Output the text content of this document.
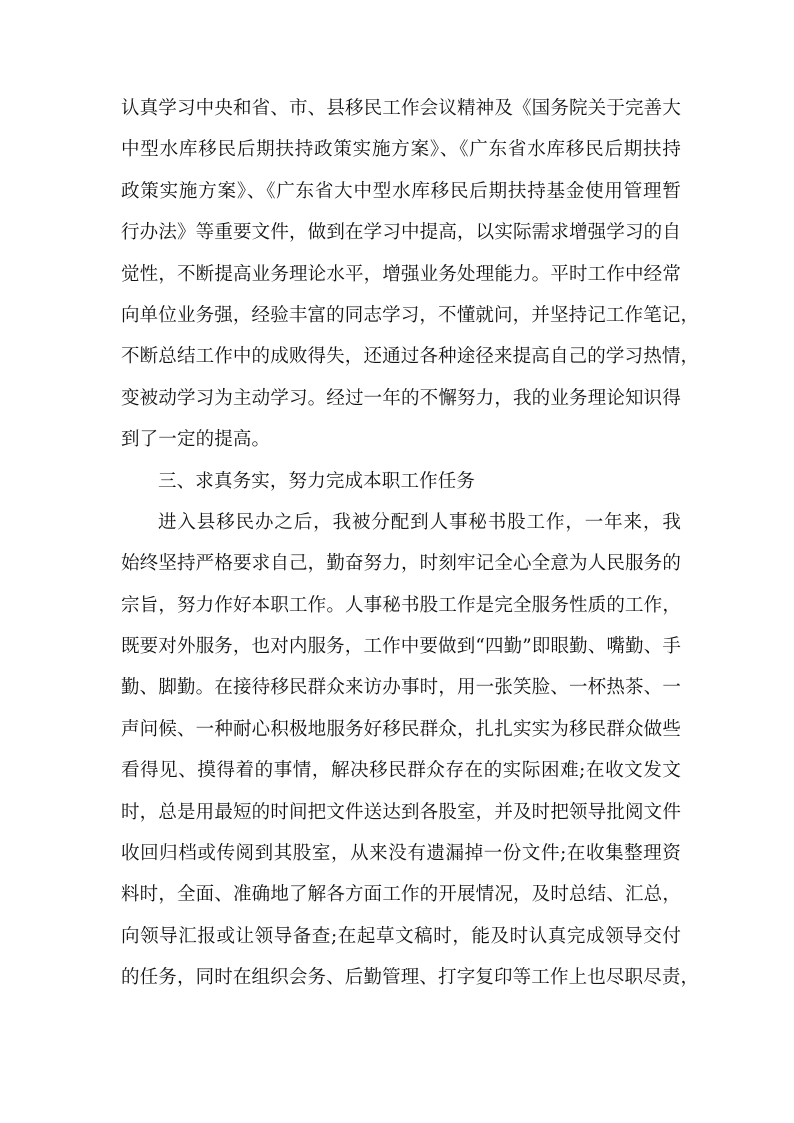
认真学习中央和省、市、县移民工作会议精神及《国务院关于完善大
中型水库移民后期扶持政策实施方案》、《广东省水库移民后期扶持
政策实施方案》、《广东省大中型水库移民后期扶持基金使用管理暂
行办法》等重要文件，做到在学习中提高，以实际需求增强学习的自
觉性，不断提高业务理论水平，增强业务处理能力。平时工作中经常
向单位业务强，经验丰富的同志学习，不懂就问，并坚持记工作笔记，
不断总结工作中的成败得失，还通过各种途径来提高自己的学习热情，
变被动学习为主动学习。经过一年的不懈努力，我的业务理论知识得
到了一定的提高。
三、求真务实，努力完成本职工作任务
进入县移民办之后，我被分配到人事秘书股工作，一年来，我
始终坚持严格要求自己，勤奋努力，时刻牢记全心全意为人民服务的
宗旨，努力作好本职工作。人事秘书股工作是完全服务性质的工作，
既要对外服务，也对内服务，工作中要做到“四勤”即眼勤、嘴勤、手
勤、脚勤。在接待移民群众来访办事时，用一张笑脸、一杯热茶、一
声问候、一种耐心积极地服务好移民群众，扎扎实实为移民群众做些
看得见、摸得着的事情，解决移民群众存在的实际困难;在收文发文
时，总是用最短的时间把文件送达到各股室，并及时把领导批阅文件
收回归档或传阅到其股室，从来没有遗漏掉一份文件;在收集整理资
料时，全面、准确地了解各方面工作的开展情况，及时总结、汇总，
向领导汇报或让领导备查;在起草文稿时，能及时认真完成领导交付
的任务，同时在组织会务、后勤管理、打字复印等工作上也尽职尽责，
